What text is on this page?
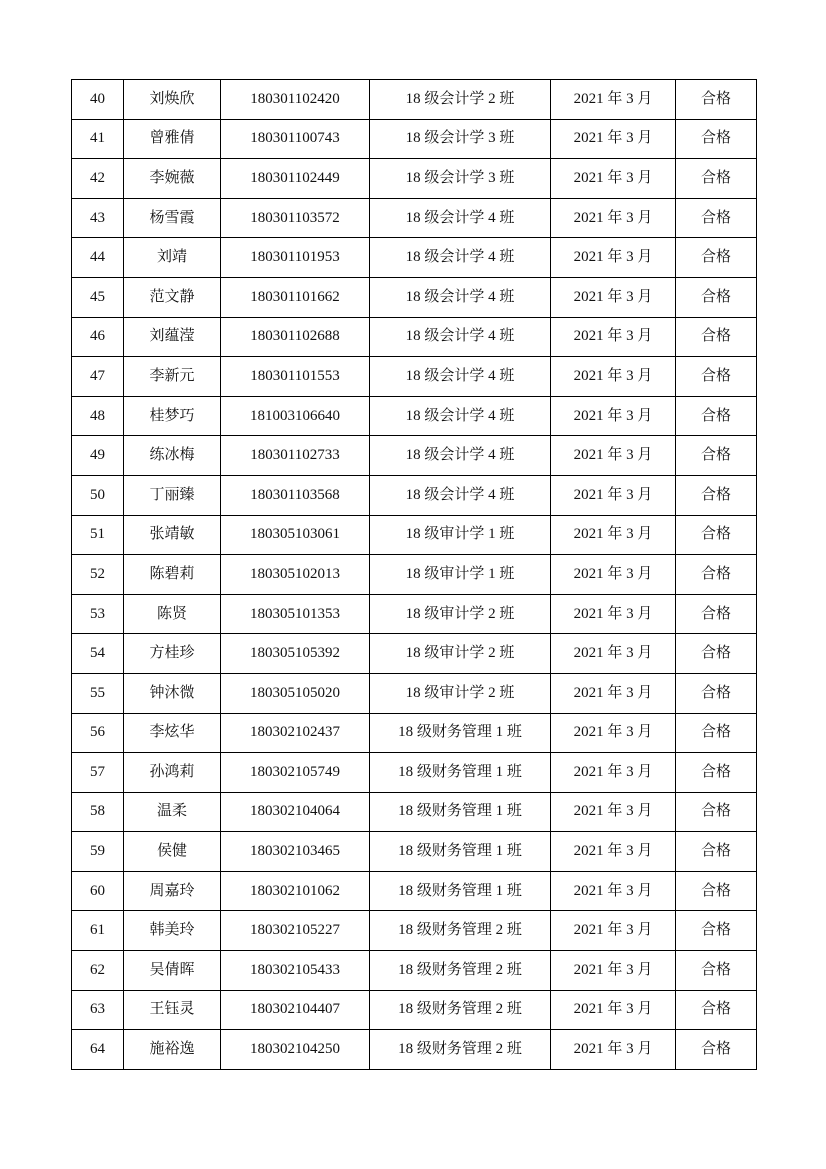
40	刘焕欣	180301102420	18 级会计学 2 班	2021 年 3 月	合格
41	曾雅倩	180301100743	18 级会计学 3 班	2021 年 3 月	合格
42	李婉薇	180301102449	18 级会计学 3 班	2021 年 3 月	合格
43	杨雪霞	180301103572	18 级会计学 4 班	2021 年 3 月	合格
44	刘靖	180301101953	18 级会计学 4 班	2021 年 3 月	合格
45	范文静	180301101662	18 级会计学 4 班	2021 年 3 月	合格
46	刘蕴滢	180301102688	18 级会计学 4 班	2021 年 3 月	合格
47	李新元	180301101553	18 级会计学 4 班	2021 年 3 月	合格
48	桂梦巧	181003106640	18 级会计学 4 班	2021 年 3 月	合格
49	练冰梅	180301102733	18 级会计学 4 班	2021 年 3 月	合格
50	丁丽臻	180301103568	18 级会计学 4 班	2021 年 3 月	合格
51	张靖敏	180305103061	18 级审计学 1 班	2021 年 3 月	合格
52	陈碧莉	180305102013	18 级审计学 1 班	2021 年 3 月	合格
53	陈贤	180305101353	18 级审计学 2 班	2021 年 3 月	合格
54	方桂珍	180305105392	18 级审计学 2 班	2021 年 3 月	合格
55	钟沐微	180305105020	18 级审计学 2 班	2021 年 3 月	合格
56	李炫华	180302102437	18 级财务管理 1 班	2021 年 3 月	合格
57	孙鸿莉	180302105749	18 级财务管理 1 班	2021 年 3 月	合格
58	温柔	180302104064	18 级财务管理 1 班	2021 年 3 月	合格
59	侯健	180302103465	18 级财务管理 1 班	2021 年 3 月	合格
60	周嘉玲	180302101062	18 级财务管理 1 班	2021 年 3 月	合格
61	韩美玲	180302105227	18 级财务管理 2 班	2021 年 3 月	合格
62	吴倩晖	180302105433	18 级财务管理 2 班	2021 年 3 月	合格
63	王钰灵	180302104407	18 级财务管理 2 班	2021 年 3 月	合格
64	施裕逸	180302104250	18 级财务管理 2 班	2021 年 3 月	合格
